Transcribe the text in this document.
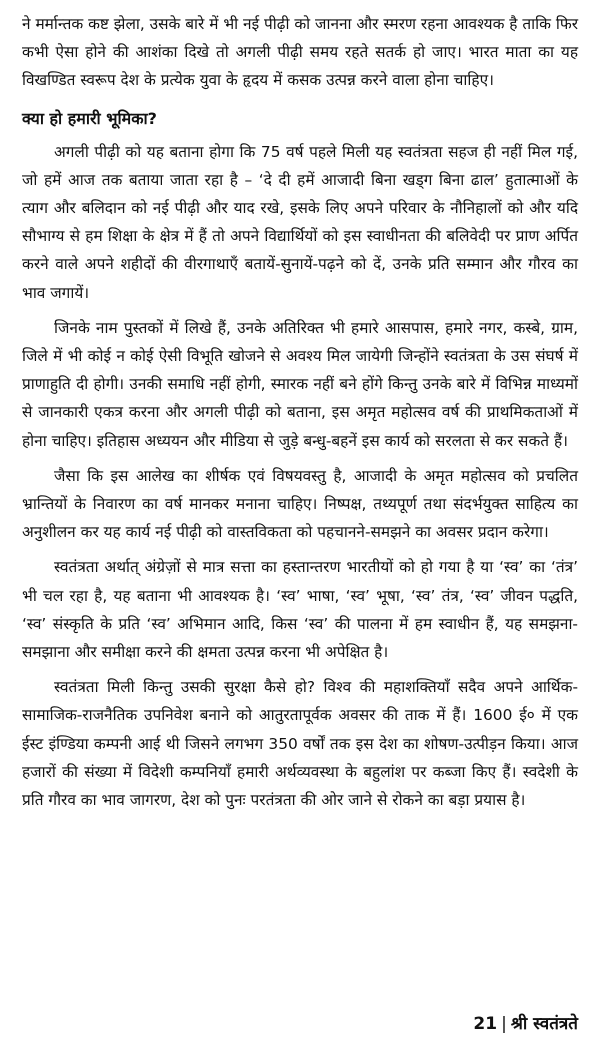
ने मर्मान्तक कष्ट झेला, उसके बारे में भी नई पीढ़ी को जानना और स्मरण रहना आवश्यक है ताकि फिर कभी ऐसा होने की आशंका दिखे तो अगली पीढ़ी समय रहते सतर्क हो जाए। भारत माता का यह विखण्डित स्वरूप देश के प्रत्येक युवा के हृदय में कसक उत्पन्न करने वाला होना चाहिए।

क्या हो हमारी भूमिका?

अगली पीढ़ी को यह बताना होगा कि 75 वर्ष पहले मिली यह स्वतंत्रता सहज ही नहीं मिल गई, जो हमें आज तक बताया जाता रहा है – ‘दे दी हमें आजादी बिना खड्ग बिना ढाल’ हुतात्माओं के त्याग और बलिदान को नई पीढ़ी और याद रखे, इसके लिए अपने परिवार के नौनिहालों को और यदि सौभाग्य से हम शिक्षा के क्षेत्र में हैं तो अपने विद्यार्थियों को इस स्वाधीनता की बलिवेदी पर प्राण अर्पित करने वाले अपने शहीदों की वीरगाथाएँ बतायें-सुनायें-पढ़ने को दें, उनके प्रति सम्मान और गौरव का भाव जगायें।

जिनके नाम पुस्तकों में लिखे हैं, उनके अतिरिक्त भी हमारे आसपास, हमारे नगर, कस्बे, ग्राम, जिले में भी कोई न कोई ऐसी विभूति खोजने से अवश्य मिल जायेगी जिन्होंने स्वतंत्रता के उस संघर्ष में प्राणाहुति दी होगी। उनकी समाधि नहीं होगी, स्मारक नहीं बने होंगे किन्तु उनके बारे में विभिन्न माध्यमों से जानकारी एकत्र करना और अगली पीढ़ी को बताना, इस अमृत महोत्सव वर्ष की प्राथमिकताओं में होना चाहिए। इतिहास अध्ययन और मीडिया से जुड़े बन्धु-बहनें इस कार्य को सरलता से कर सकते हैं।

जैसा कि इस आलेख का शीर्षक एवं विषयवस्तु है, आजादी के अमृत महोत्सव को प्रचलित भ्रान्तियों के निवारण का वर्ष मानकर मनाना चाहिए। निष्पक्ष, तथ्यपूर्ण तथा संदर्भयुक्त साहित्य का अनुशीलन कर यह कार्य नई पीढ़ी को वास्तविकता को पहचानने-समझने का अवसर प्रदान करेगा।

स्वतंत्रता अर्थात् अंग्रेज़ों से मात्र सत्ता का हस्तान्तरण भारतीयों को हो गया है या ‘स्व’ का ‘तंत्र’ भी चल रहा है, यह बताना भी आवश्यक है। ‘स्व’ भाषा, ‘स्व’ भूषा, ‘स्व’ तंत्र, ‘स्व’ जीवन पद्धति, ‘स्व’ संस्कृति के प्रति ‘स्व’ अभिमान आदि, किस ‘स्व’ की पालना में हम स्वाधीन हैं, यह समझना-समझाना और समीक्षा करने की क्षमता उत्पन्न करना भी अपेक्षित है।

स्वतंत्रता मिली किन्तु उसकी सुरक्षा कैसे हो? विश्व की महाशक्तियाँ सदैव अपने आर्थिक-सामाजिक-राजनैतिक उपनिवेश बनाने को आतुरतापूर्वक अवसर की ताक में हैं। 1600 ई० में एक ईस्ट इंण्डिया कम्पनी आई थी जिसने लगभग 350 वर्षों तक इस देश का शोषण-उत्पीड़न किया। आज हजारों की संख्या में विदेशी कम्पनियाँ हमारी अर्थव्यवस्था के बहुलांश पर कब्जा किए हैं। स्वदेशी के प्रति गौरव का भाव जागरण, देश को पुनः परतंत्रता की ओर जाने से रोकने का बड़ा प्रयास है।

21 | श्री स्वतंत्रते
